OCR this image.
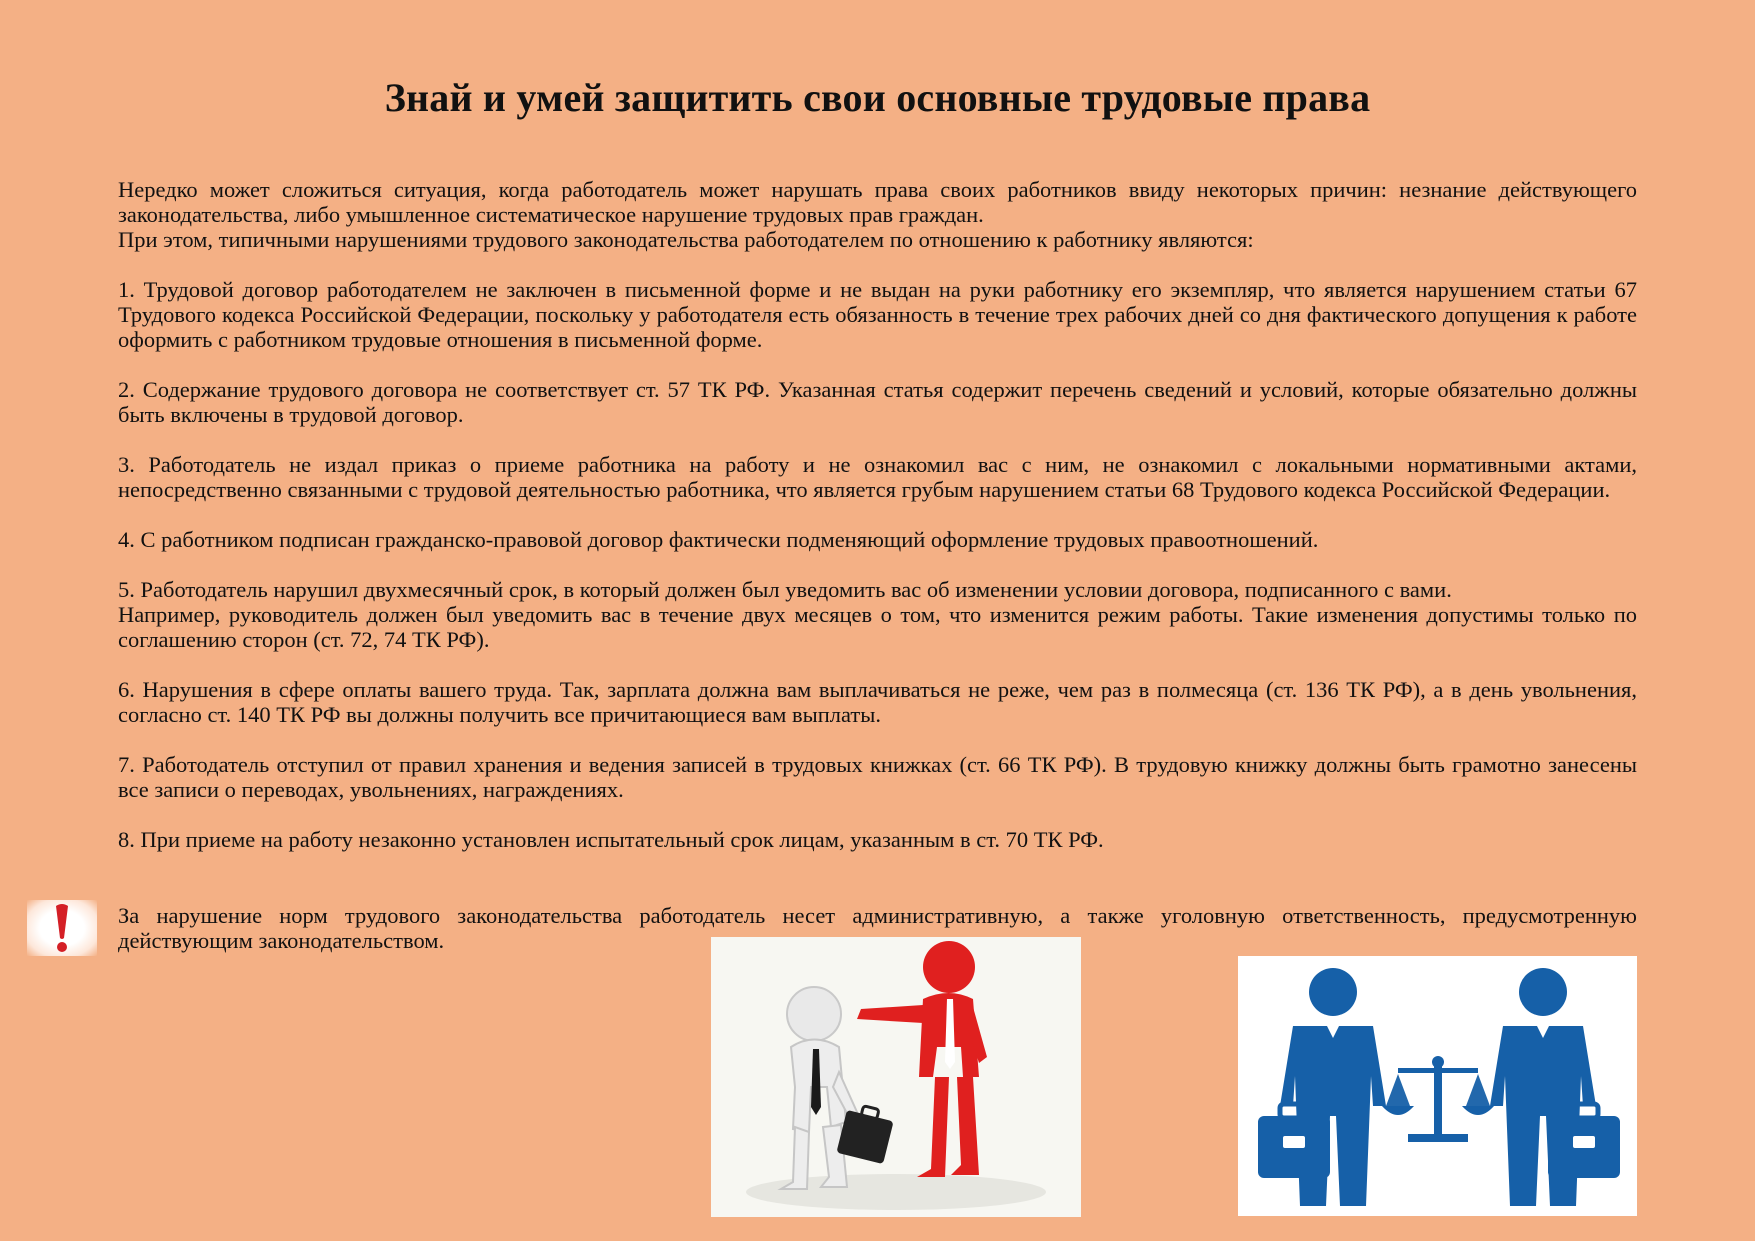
Знай и умей защитить свои основные трудовые права

Нередко может сложиться ситуация, когда работодатель может нарушать права своих работников ввиду некоторых причин: незнание действующего законодательства, либо умышленное систематическое нарушение трудовых прав граждан.

При этом, типичными нарушениями трудового законодательства работодателем по отношению к работнику являются:

1. Трудовой договор работодателем не заключен в письменной форме и не выдан на руки работнику его экземпляр, что является нарушением статьи 67 Трудового кодекса Российской Федерации, поскольку у работодателя есть обязанность в течение трех рабочих дней со дня фактического допущения к работе оформить с работником трудовые отношения в письменной форме.

2. Содержание трудового договора не соответствует ст. 57 ТК РФ. Указанная статья содержит перечень сведений и условий, которые обязательно должны быть включены в трудовой договор.

3. Работодатель не издал приказ о приеме работника на работу и не ознакомил вас с ним, не ознакомил с локальными нормативными актами, непосредственно связанными с трудовой деятельностью работника, что является грубым нарушением статьи 68 Трудового кодекса Российской Федерации.

4. С работником подписан гражданско-правовой договор фактически подменяющий оформление трудовых правоотношений.

5. Работодатель нарушил двухмесячный срок, в который должен был уведомить вас об изменении условии договора, подписанного с вами.

Например, руководитель должен был уведомить вас в течение двух месяцев о том, что изменится режим работы. Такие изменения допустимы только по соглашению сторон (ст. 72, 74 ТК РФ).

6. Нарушения в сфере оплаты вашего труда. Так, зарплата должна вам выплачиваться не реже, чем раз в полмесяца (ст. 136 ТК РФ), а в день увольнения, согласно ст. 140 ТК РФ вы должны получить все причитающиеся вам выплаты.

7. Работодатель отступил от правил хранения и ведения записей в трудовых книжках (ст. 66 ТК РФ). В трудовую книжку должны быть грамотно занесены все записи о переводах, увольнениях, награждениях.

8. При приеме на работу незаконно установлен испытательный срок лицам, указанным в ст. 70 ТК РФ.

За нарушение норм трудового законодательства работодатель несет административную, а также уголовную ответственность, предусмотренную действующим законодательством.
